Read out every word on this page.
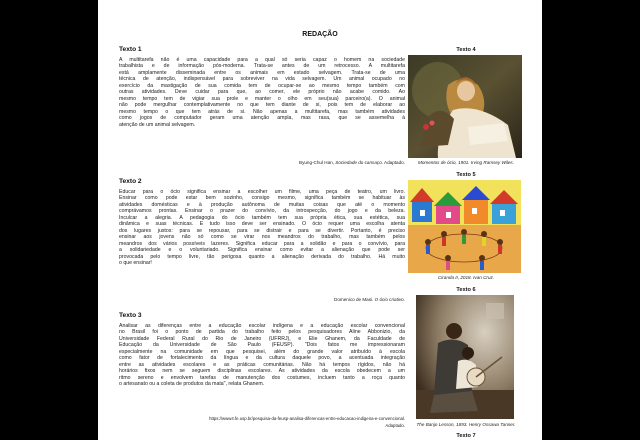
REDAÇÃO
Texto 1
A multitarefa não é uma capacidade para a qual só seria capaz o homem na sociedade
trabalhista e de informação pós-moderna. Trata-se antes de um retrocesso. A multitarefa
está amplamente disseminada entre os animais em estado selvagem. Trata-se de uma
técnica de atenção, indispensável para sobreviver na vida selvagem. Um animal ocupado no
exercício da mastigação de sua comida tem de ocupar-se ao mesmo tempo também com
outras atividades. Deve cuidar para que, ao comer, ele próprio não acabe comido. Ao
mesmo tempo tem de vigiar sua prole e manter o olho em seu(sua) parceiro(a). O animal
não pode mergulhar contemplativamente no que tem diante de si, pois tem de elaborar ao
mesmo tempo o que tem atrás de si. Não apenas a multitarefa, mas também atividades
como jogos de computador geram uma atenção ampla, mas rasa, que se assemelha à
atenção de um animal selvagem.
Byung-Chul Han, Sociedade do cansaço. Adaptado.
Texto 2
Educar para o ócio significa ensinar a escolher um filme, uma peça de teatro, um livro.
Ensinar como pode estar bem sozinho, consigo mesmo, significa também se habituar às
atividades domésticas e à produção autônoma de muitas coisas que até o momento
comprávamos prontas. Ensinar o prazer do convívio, da introspecção, do jogo e da beleza.
Inculcar a alegria. A pedagogia do ócio também tem sua própria ética, sua estética, sua
dinâmica e suas técnicas. E tudo isso deve ser ensinado. O ócio requer uma escolha atenta
dos lugares justos: para se repousar, para se distrair e para se divertir. Portanto, é preciso
ensinar aos jovens não só como se virar nos meandros do trabalho, mas também pelos
meandros dos vários possíveis lazeres. Significa educar para a solidão e para o convívio, para
a solidariedade e o voluntariado. Significa ensinar como evitar a alienação que pode ser
provocada pelo tempo livre, tão perigosa quanto a alienação derivada do trabalho. Há muito
o que ensinar!
Domenico de Masi. O ócio criativo.
Texto 3
Analisar as diferenças entre a educação escolar indígena e a educação escolar convencional
no Brasil foi o ponto de partida do trabalho feito pelos pesquisadores Aline Abbonizio, da
Universidade Federal Rural do Rio de Janeiro (UFRRJ), e Elie Ghanem, da Faculdade de
Educação da Universidade de São Paulo (FEUSP). "Dois fatos me impressionaram
especialmente na comunidade em que pesquisei, além do grande valor atribuído à escola
como fator de fortalecimento da língua e da cultura daquele povo, a acentuada integração
entre as atividades escolares e as práticas comunitárias. Não há tempos rígidos, não há
horários fixos nem se seguem disciplinas escolares. As atividades da escola obedecem a um
ritmo sereno e envolvem tarefas de manutenção dos costumes, incluem tanto a roça quanto
o artesanato ou a coleta de produtos da mata", relata Ghanem.
https://www4.fe.usp.br/pesquisa-da-feusp-analisa-diferencas-entre-educacao-indigena-e-convencional.
Adaptado.
Texto 4
Momentos de ócio, 1901. Irving Ramsey Wiles.
Texto 5
Ciranda II, 2018. Ivan Cruz.
Texto 6
The Banjo Lesson, 1893. Henry Ossawa Tanner.
Texto 7
